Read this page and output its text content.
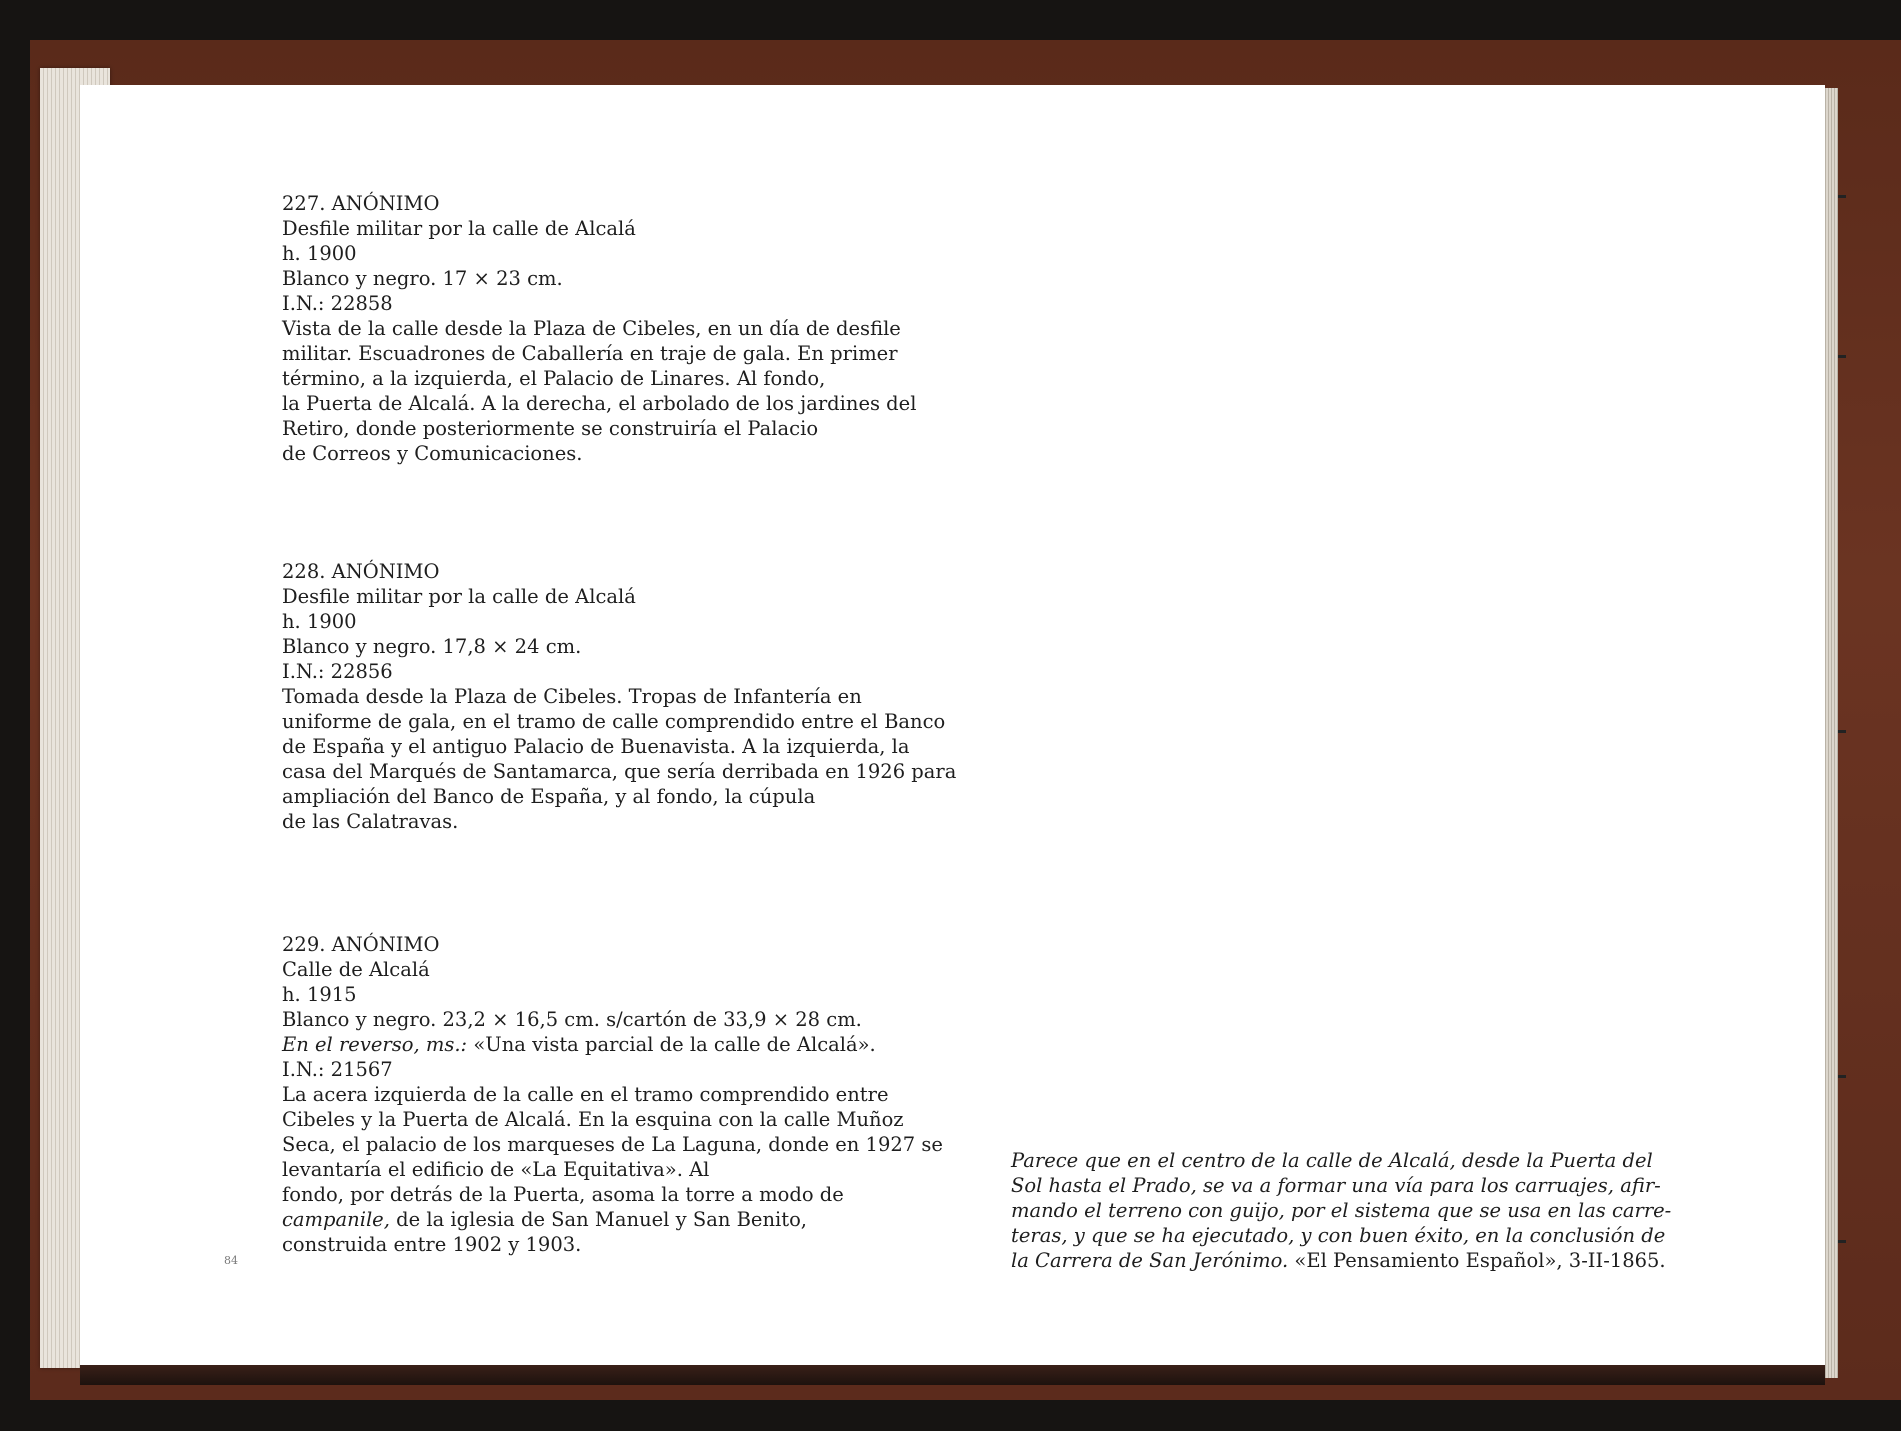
227. ANÓNIMO
Desfile militar por la calle de Alcalá
h. 1900
Blanco y negro. 17 × 23 cm.
I.N.: 22858
Vista de la calle desde la Plaza de Cibeles, en un día de desfile
militar. Escuadrones de Caballería en traje de gala. En primer
término, a la izquierda, el Palacio de Linares. Al fondo,
la Puerta de Alcalá. A la derecha, el arbolado de los jardines del
Retiro, donde posteriormente se construiría el Palacio
de Correos y Comunicaciones.
228. ANÓNIMO
Desfile militar por la calle de Alcalá
h. 1900
Blanco y negro. 17,8 × 24 cm.
I.N.: 22856
Tomada desde la Plaza de Cibeles. Tropas de Infantería en
uniforme de gala, en el tramo de calle comprendido entre el Banco
de España y el antiguo Palacio de Buenavista. A la izquierda, la
casa del Marqués de Santamarca, que sería derribada en 1926 para
ampliación del Banco de España, y al fondo, la cúpula
de las Calatravas.
229. ANÓNIMO
Calle de Alcalá
h. 1915
Blanco y negro. 23,2 × 16,5 cm. s/cartón de 33,9 × 28 cm.
En el reverso, ms.: «Una vista parcial de la calle de Alcalá».
I.N.: 21567
La acera izquierda de la calle en el tramo comprendido entre
Cibeles y la Puerta de Alcalá. En la esquina con la calle Muñoz
Seca, el palacio de los marqueses de La Laguna, donde en 1927 se
levantaría el edificio de «La Equitativa». Al
fondo, por detrás de la Puerta, asoma la torre a modo de
campanile, de la iglesia de San Manuel y San Benito,
construida entre 1902 y 1903.
84
Parece que en el centro de la calle de Alcalá, desde la Puerta del
Sol hasta el Prado, se va a formar una vía para los carruajes, afir-
mando el terreno con guijo, por el sistema que se usa en las carre-
teras, y que se ha ejecutado, y con buen éxito, en la conclusión de
la Carrera de San Jerónimo. «El Pensamiento Español», 3-II-1865.
